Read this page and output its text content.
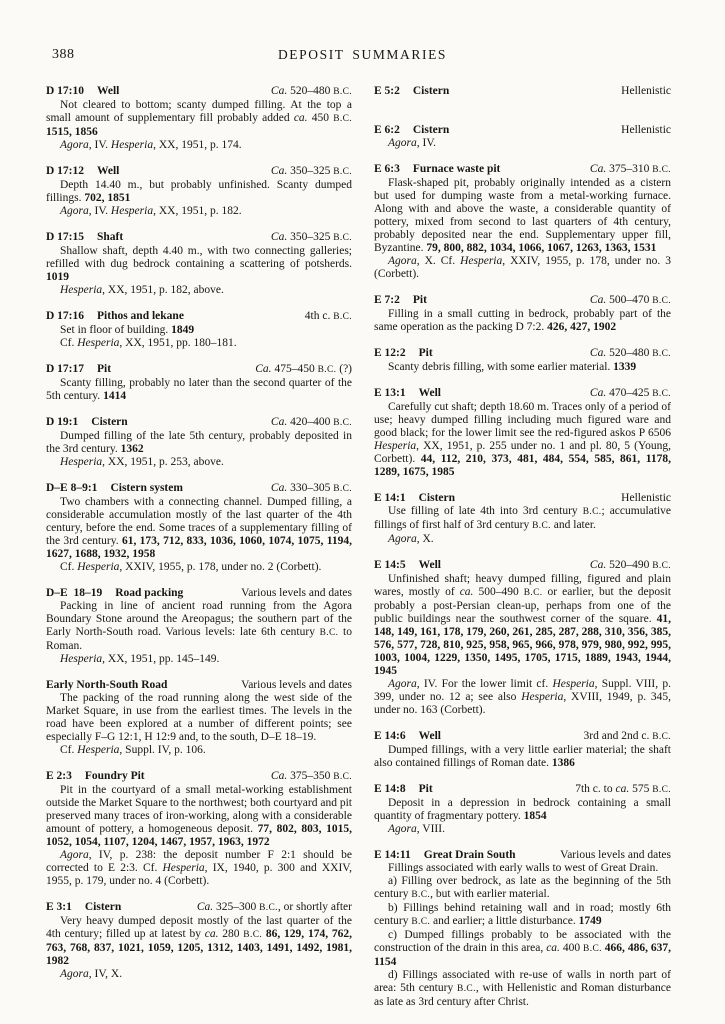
388	DEPOSIT SUMMARIES
D 17:10 Well	Ca. 520–480 B.C.

Not cleared to bottom; scanty dumped filling. At the top a small amount of supplementary fill probably added ca. 450 B.C. 1515, 1856

Agora, IV. Hesperia, XX, 1951, p. 174.

D 17:12 Well	Ca. 350–325 B.C.

Depth 14.40 m., but probably unfinished. Scanty dumped fillings. 702, 1851

Agora, IV. Hesperia, XX, 1951, p. 182.

D 17:15 Shaft	Ca. 350–325 B.C.

Shallow shaft, depth 4.40 m., with two connecting galleries; refilled with dug bedrock containing a scattering of potsherds. 1019

Hesperia, XX, 1951, p. 182, above.

D 17:16 Pithos and lekane	4th c. B.C.

Set in floor of building. 1849

Cf. Hesperia, XX, 1951, pp. 180–181.

D 17:17 Pit	Ca. 475–450 B.C. (?)

Scanty filling, probably no later than the second quarter of the 5th century. 1414

D 19:1 Cistern	Ca. 420–400 B.C.

Dumped filling of the late 5th century, probably deposited in the 3rd century. 1362

Hesperia, XX, 1951, p. 253, above.

D–E 8–9:1 Cistern system	Ca. 330–305 B.C.

Two chambers with a connecting channel. Dumped filling, a considerable accumulation mostly of the last quarter of the 4th century, before the end. Some traces of a supplementary filling of the 3rd century. 61, 173, 712, 833, 1036, 1060, 1074, 1075, 1194, 1627, 1688, 1932, 1958

Cf. Hesperia, XXIV, 1955, p. 178, under no. 2 (Corbett).

D–E  18–19 Road packing	Various levels and dates

Packing in line of ancient road running from the Agora Boundary Stone around the Areopagus; the southern part of the Early North-South road. Various levels: late 6th century B.C. to Roman.

Hesperia, XX, 1951, pp. 145–149.

Early North-South Road	Various levels and dates

The packing of the road running along the west side of the Market Square, in use from the earliest times. The levels in the road have been explored at a number of different points; see especially F–G 12:1, H 12:9 and, to the south, D–E 18–19.

Cf. Hesperia, Suppl. IV, p. 106.

E 2:3 Foundry Pit	Ca. 375–350 B.C.

Pit in the courtyard of a small metal-working establishment outside the Market Square to the northwest; both courtyard and pit preserved many traces of iron-working, along with a considerable amount of pottery, a homogeneous deposit. 77, 802, 803, 1015, 1052, 1054, 1107, 1204, 1467, 1957, 1963, 1972

Agora, IV, p. 238: the deposit number F 2:1 should be corrected to E 2:3. Cf. Hesperia, IX, 1940, p. 300 and XXIV, 1955, p. 179, under no. 4 (Corbett).

E 3:1 Cistern	Ca. 325–300 B.C., or shortly after

Very heavy dumped deposit mostly of the last quarter of the 4th century; filled up at latest by ca. 280 B.C. 86, 129, 174, 762, 763, 768, 837, 1021, 1059, 1205, 1312, 1403, 1491, 1492, 1981, 1982

Agora, IV, X.

E 5:2 Cistern	Hellenistic
E 6:2 Cistern	Hellenistic

Agora, IV.

E 6:3 Furnace waste pit	Ca. 375–310 B.C.

Flask-shaped pit, probably originally intended as a cistern but used for dumping waste from a metal-working furnace. Along with and above the waste, a considerable quantity of pottery, mixed from second to last quarters of 4th century, probably deposited near the end. Supplementary upper fill, Byzantine. 79, 800, 882, 1034, 1066, 1067, 1263, 1363, 1531

Agora, X. Cf. Hesperia, XXIV, 1955, p. 178, under no. 3 (Corbett).

E 7:2 Pit	Ca. 500–470 B.C.

Filling in a small cutting in bedrock, probably part of the same operation as the packing D 7:2. 426, 427, 1902

E 12:2 Pit	Ca. 520–480 B.C.

Scanty debris filling, with some earlier material. 1339

E 13:1 Well	Ca. 470–425 B.C.

Carefully cut shaft; depth 18.60 m. Traces only of a period of use; heavy dumped filling including much figured ware and good black; for the lower limit see the red-figured askos P 6506 Hesperia, XX, 1951, p. 255 under no. 1 and pl. 80, 5 (Young, Corbett). 44, 112, 210, 373, 481, 484, 554, 585, 861, 1178, 1289, 1675, 1985

E 14:1 Cistern	Hellenistic

Use filling of late 4th into 3rd century B.C.; accumulative fillings of first half of 3rd century B.C. and later.

Agora, X.

E 14:5 Well	Ca. 520–490 B.C.

Unfinished shaft; heavy dumped filling, figured and plain wares, mostly of ca. 500–490 B.C. or earlier, but the deposit probably a post-Persian clean-up, perhaps from one of the public buildings near the southwest corner of the square. 41, 148, 149, 161, 178, 179, 260, 261, 285, 287, 288, 310, 356, 385, 576, 577, 728, 810, 925, 958, 965, 966, 978, 979, 980, 992, 995, 1003, 1004, 1229, 1350, 1495, 1705, 1715, 1889, 1943, 1944, 1945

Agora, IV. For the lower limit cf. Hesperia, Suppl. VIII, p. 399, under no. 12 a; see also Hesperia, XVIII, 1949, p. 345, under no. 163 (Corbett).

E 14:6 Well	3rd and 2nd c. B.C.

Dumped fillings, with a very little earlier material; the shaft also contained fillings of Roman date. 1386

E 14:8 Pit	7th c. to ca. 575 B.C.

Deposit in a depression in bedrock containing a small quantity of fragmentary pottery. 1854

Agora, VIII.

E 14:11 Great Drain South	Various levels and dates

Fillings associated with early walls to west of Great Drain.

a) Filling over bedrock, as late as the beginning of the 5th century B.C., but with earlier material.

b) Fillings behind retaining wall and in road; mostly 6th century B.C. and earlier; a little disturbance. 1749

c) Dumped fillings probably to be associated with the construction of the drain in this area, ca. 400 B.C. 466, 486, 637, 1154

d) Fillings associated with re-use of walls in north part of area: 5th century B.C., with Hellenistic and Roman disturbance as late as 3rd century after Christ.
